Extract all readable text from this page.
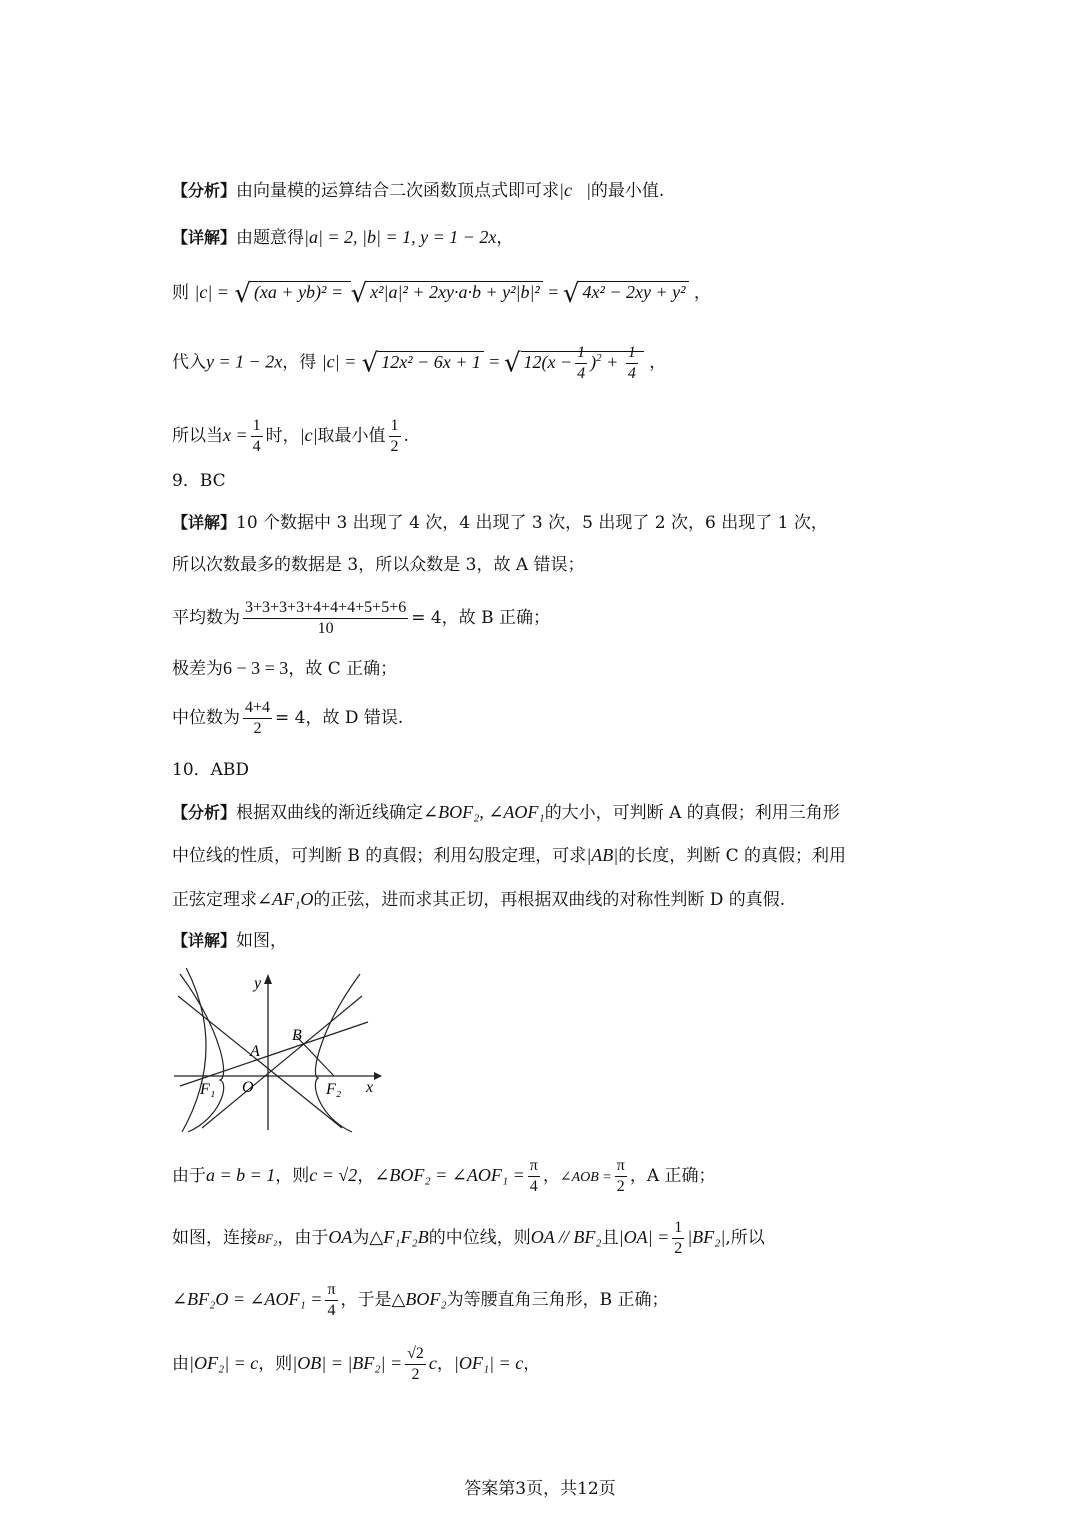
【分析】由向量模的运算结合二次函数顶点式即可求|c⃗|的最小值.
【详解】由题意得|a| = 2, |b| = 1, y = 1 − 2x，
则 |c| = √ (xa + yb)² = √ x²|a|² + 2xy·a·b + y²|b|² = √ 4x² − 2xy + y² ，
代入y = 1 − 2x，得 |c| = √ 12x² − 6x + 1 = √ $12(x - \frac{1}{4} )^2 + \frac{1}{4}$ ，
所以当$x = \frac{1}{4}$ 时，|c|取最小值 $\frac{1}{2}$ .
9．BC
【详解】10 个数据中 3 出现了 4 次，4 出现了 3 次，5 出现了 2 次，6 出现了 1 次，
所以次数最多的数据是 3，所以众数是 3，故 A 错误；
平均数为 $\frac{3+3+3+3+4+4+4+5+5+6}{10} = 4$，故 B 正确；
极差为6 − 3 = 3，故 C 正确；
中位数为 $\frac{4+4}{2} = 4$，故 D 错误.
10．ABD
【分析】根据双曲线的渐近线确定∠BOF₂, ∠AOF₁的大小，可判断 A 的真假；利用三角形
中位线的性质，可判断 B 的真假；利用勾股定理，可求|AB|的长度，判断 C 的真假；利用
正弦定理求∠AF₁O的正弦，进而求其正切，再根据双曲线的对称性判断 D 的真假.
【详解】如图，
y
x
A
B
O
F₁	F₂
由于a = b = 1，则c = √2，∠BOF₂ = ∠AOF₁ = $\frac{\pi}{4}$ ，∠AOB = $\frac{\pi}{2}$ ，A 正确；
如图，连接BF₂，由于OA为△F₁F₂B的中位线，则OA // BF₂且$|OA| = \frac{1}{2} |BF_2|$,所以
∠BF₂O = ∠AOF₁ = $\frac{\pi}{4}$ ，于是△BOF₂为等腰直角三角形，B 正确；
由|OF₂| = c，则$|OB| = |BF_2| = \frac{√2}{2}$ c，|OF₁| = c，
答案第3页，共12页
